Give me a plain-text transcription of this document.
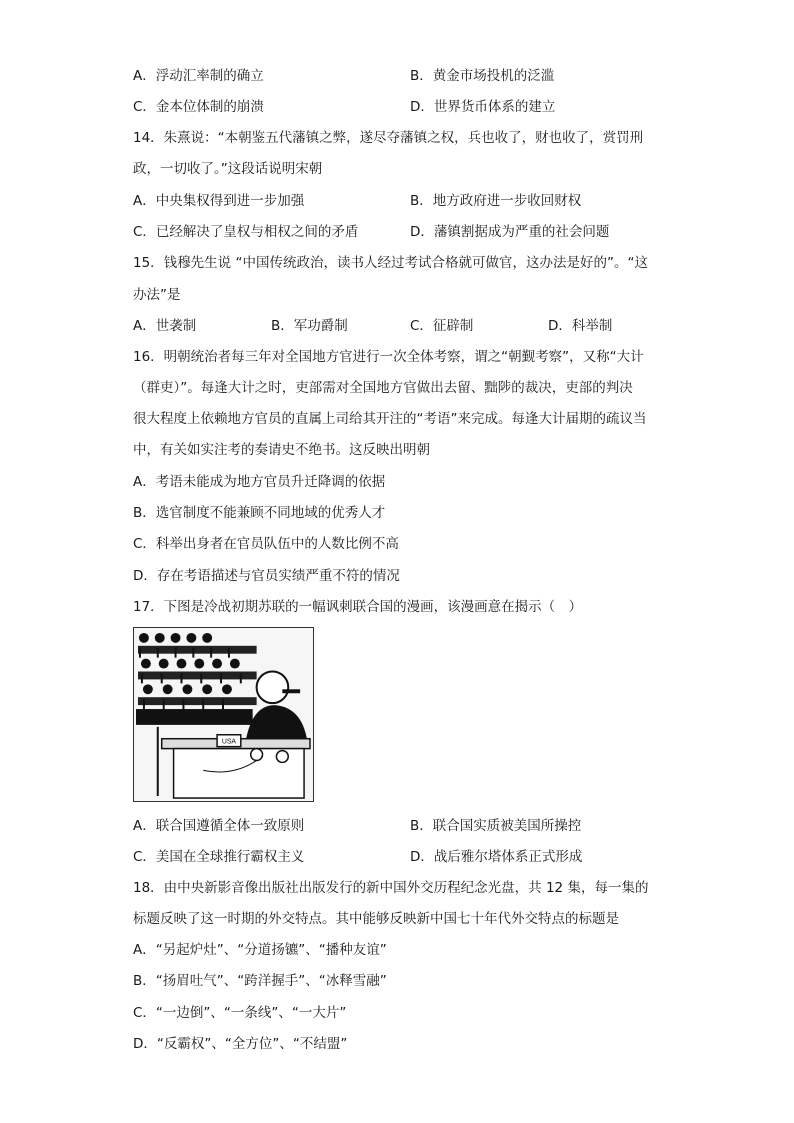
A．浮动汇率制的确立	B．黄金市场投机的泛滥
C．金本位体制的崩溃	D．世界货币体系的建立
14．朱熹说：“本朝鉴五代藩镇之弊，遂尽夺藩镇之权，兵也收了，财也收了，赏罚刑
政，一切收了。”这段话说明宋朝
A．中央集权得到进一步加强	B．地方政府进一步收回财权
C．已经解决了皇权与相权之间的矛盾	D．藩镇割据成为严重的社会问题
15．钱穆先生说 “中国传统政治，读书人经过考试合格就可做官，这办法是好的”。“这
办法”是
A．世袭制	B．军功爵制	C．征辟制	D．科举制
16．明朝统治者每三年对全国地方官进行一次全体考察，谓之“朝觐考察”，又称“大计
（群吏）”。每逢大计之时，吏部需对全国地方官做出去留、黜陟的裁决，吏部的判决
很大程度上依赖地方官员的直属上司给其开注的“考语”来完成。每逢大计届期的疏议当
中，有关如实注考的奏请史不绝书。这反映出明朝
A．考语未能成为地方官员升迁降调的依据
B．选官制度不能兼顾不同地域的优秀人才
C．科举出身者在官员队伍中的人数比例不高
D．存在考语描述与官员实绩严重不符的情况
17．下图是冷战初期苏联的一幅讽刺联合国的漫画，该漫画意在揭示（　）
USA
A．联合国遵循全体一致原则	B．联合国实质被美国所操控
C．美国在全球推行霸权主义	D．战后雅尔塔体系正式形成
18．由中央新影音像出版社出版发行的新中国外交历程纪念光盘，共 12 集，每一集的
标题反映了这一时期的外交特点。其中能够反映新中国七十年代外交特点的标题是
A．“另起炉灶”、“分道扬镳”、“播种友谊”
B．“扬眉吐气”、“跨洋握手”、“冰释雪融”
C．“一边倒”、“一条线”、“一大片”
D．“反霸权”、“全方位”、“不结盟”
